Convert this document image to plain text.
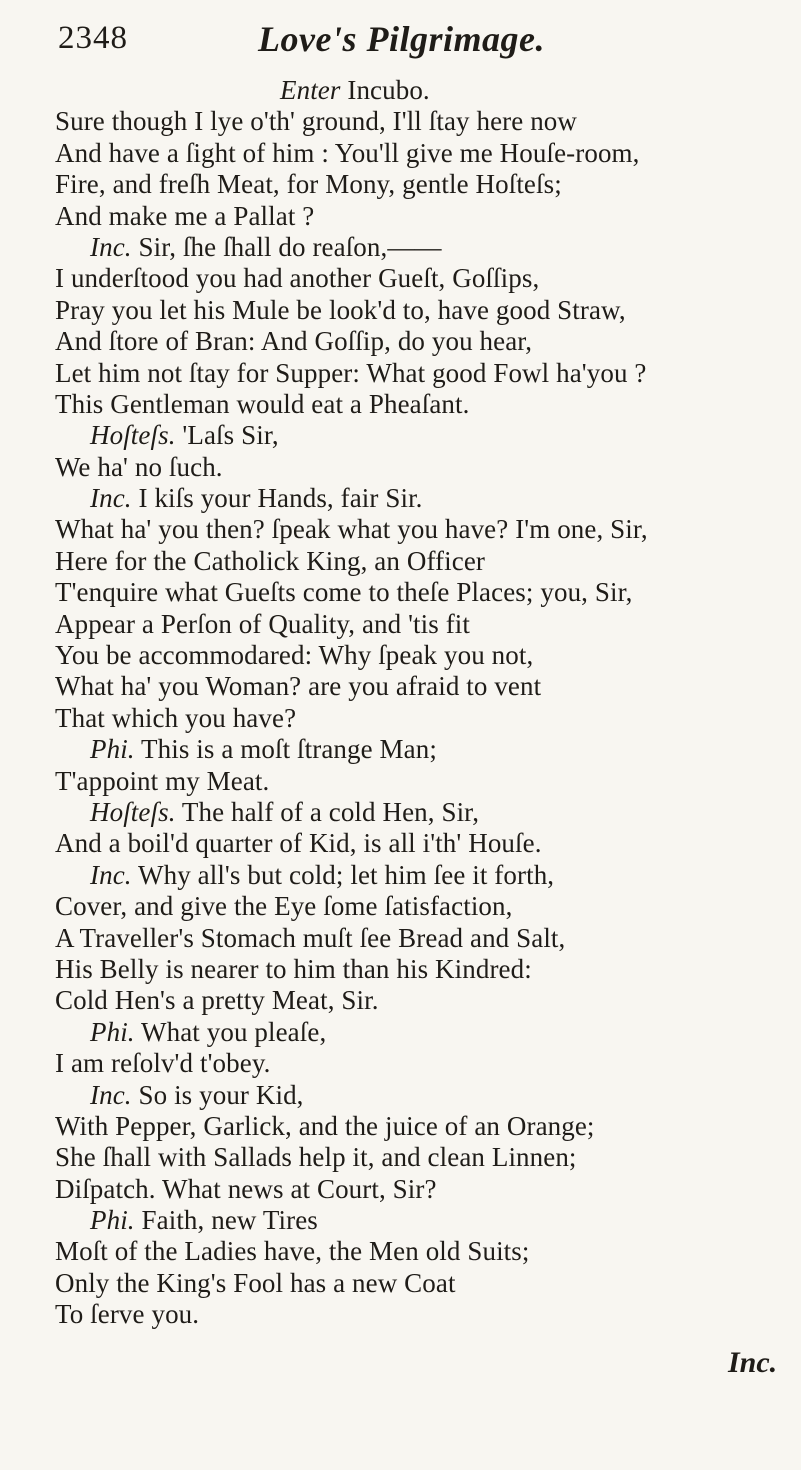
2348	Love's Pilgrimage.
Enter Incubo.
Sure though I lye o'th' ground, I'll ſtay here now
And have a ſight of him : You'll give me Houſe-room,
Fire, and freſh Meat, for Mony, gentle Hoſteſs;
And make me a Pallat ?
Inc. Sir, ſhe ſhall do reaſon,——
I underſtood you had another Gueſt, Goſſips,
Pray you let his Mule be look'd to, have good Straw,
And ſtore of Bran: And Goſſip, do you hear,
Let him not ſtay for Supper: What good Fowl ha'you ?
This Gentleman would eat a Pheaſant.
Hoſteſs. 'Laſs Sir,
We ha' no ſuch.
Inc. I kiſs your Hands, fair Sir.
What ha' you then? ſpeak what you have? I'm one, Sir,
Here for the Catholick King, an Officer
T'enquire what Gueſts come to theſe Places; you, Sir,
Appear a Perſon of Quality, and 'tis fit
You be accommodared: Why ſpeak you not,
What ha' you Woman? are you afraid to vent
That which you have?
Phi. This is a moſt ſtrange Man;
T'appoint my Meat.
Hoſteſs. The half of a cold Hen, Sir,
And a boil'd quarter of Kid, is all i'th' Houſe.
Inc. Why all's but cold; let him ſee it forth,
Cover, and give the Eye ſome ſatisfaction,
A Traveller's Stomach muſt ſee Bread and Salt,
His Belly is nearer to him than his Kindred:
Cold Hen's a pretty Meat, Sir.
Phi. What you pleaſe,
I am reſolv'd t'obey.
Inc. So is your Kid,
With Pepper, Garlick, and the juice of an Orange;
She ſhall with Sallads help it, and clean Linnen;
Diſpatch. What news at Court, Sir?
Phi. Faith, new Tires
Moſt of the Ladies have, the Men old Suits;
Only the King's Fool has a new Coat
To ſerve you.
Inc.
